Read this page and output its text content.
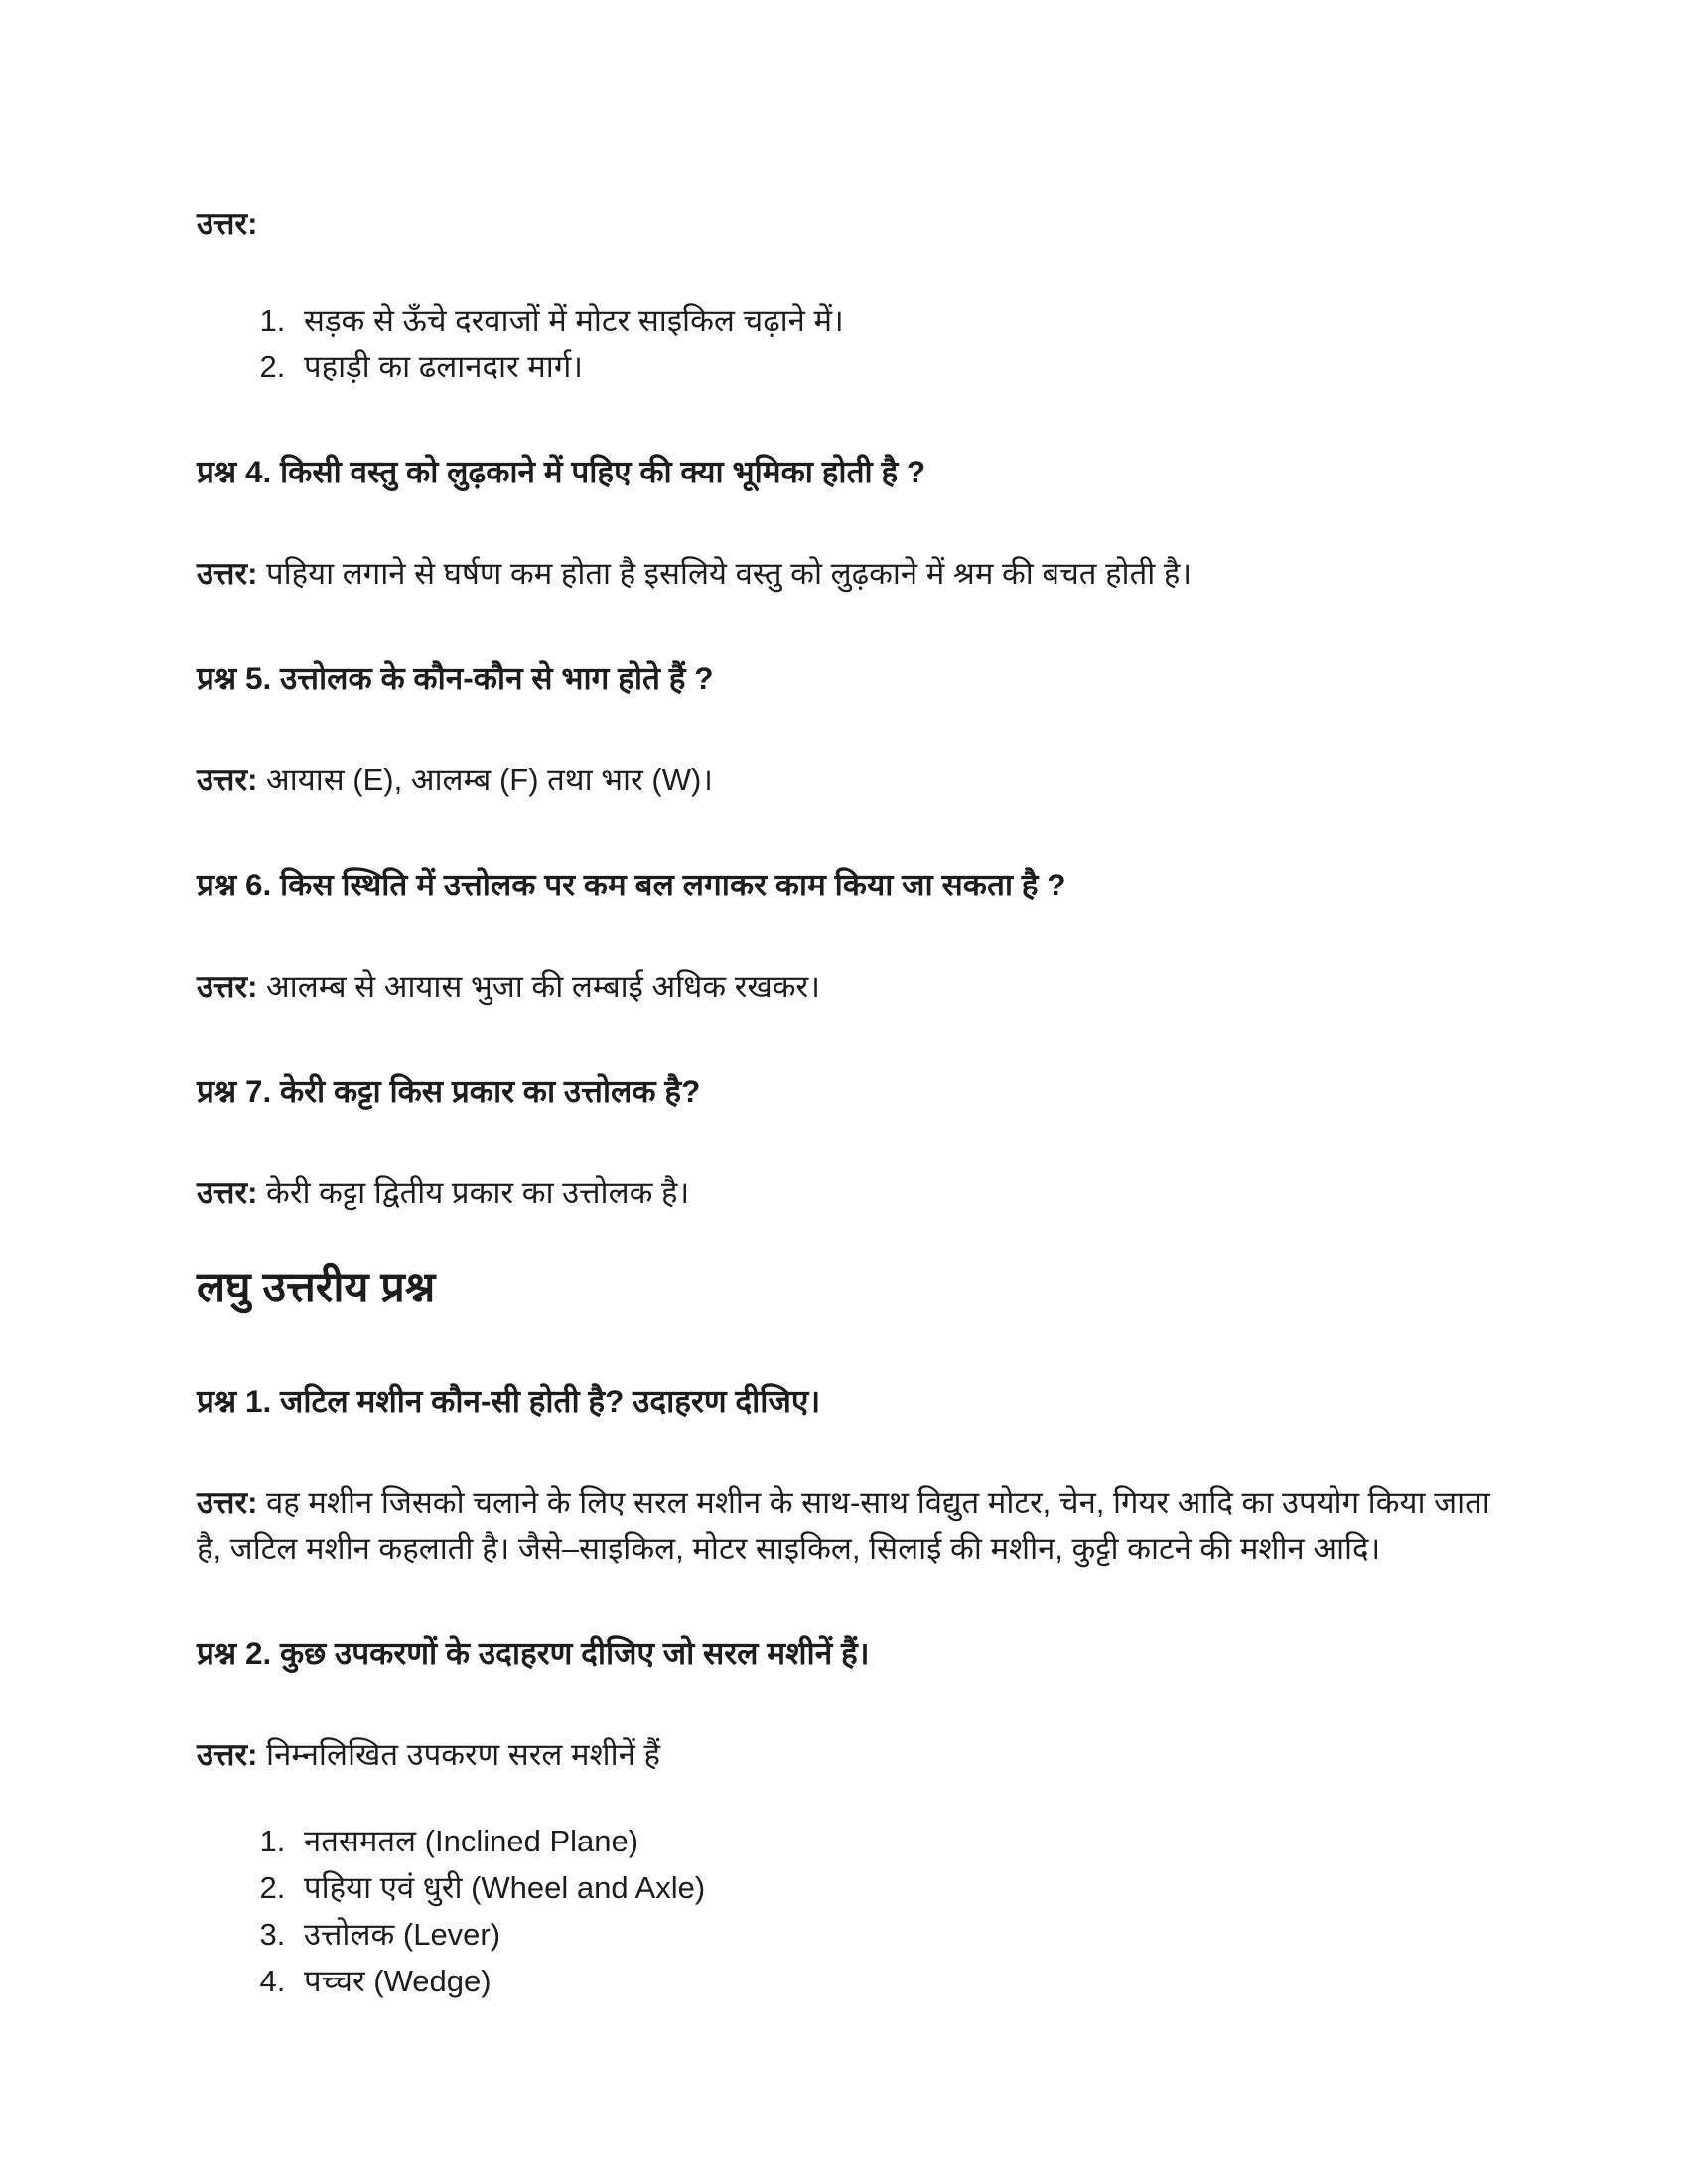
उत्तर:

1. सड़क से ऊँचे दरवाजों में मोटर साइकिल चढ़ाने में।
2. पहाड़ी का ढलानदार मार्ग।
प्रश्न 4. किसी वस्तु को लुढ़काने में पहिए की क्या भूमिका होती है ?

उत्तर: पहिया लगाने से घर्षण कम होता है इसलिये वस्तु को लुढ़काने में श्रम की बचत होती है।

प्रश्न 5. उत्तोलक के कौन-कौन से भाग होते हैं ?

उत्तर: आयास (E), आलम्ब (F) तथा भार (W)।

प्रश्न 6. किस स्थिति में उत्तोलक पर कम बल लगाकर काम किया जा सकता है ?

उत्तर: आलम्ब से आयास भुजा की लम्बाई अधिक रखकर।

प्रश्न 7. केरी कट्टा किस प्रकार का उत्तोलक है?

उत्तर: केरी कट्टा द्वितीय प्रकार का उत्तोलक है।

लघु उत्तरीय प्रश्न
प्रश्न 1. जटिल मशीन कौन-सी होती है? उदाहरण दीजिए।

उत्तर: वह मशीन जिसको चलाने के लिए सरल मशीन के साथ-साथ विद्युत मोटर, चेन, गियर आदि का उपयोग किया जाता है, जटिल मशीन कहलाती है। जैसे–साइकिल, मोटर साइकिल, सिलाई की मशीन, कुट्टी काटने की मशीन आदि।

प्रश्न 2. कुछ उपकरणों के उदाहरण दीजिए जो सरल मशीनें हैं।

उत्तर: निम्नलिखित उपकरण सरल मशीनें हैं

1. नतसमतल (Inclined Plane)
2. पहिया एवं धुरी (Wheel and Axle)
3. उत्तोलक (Lever)
4. पच्चर (Wedge)
